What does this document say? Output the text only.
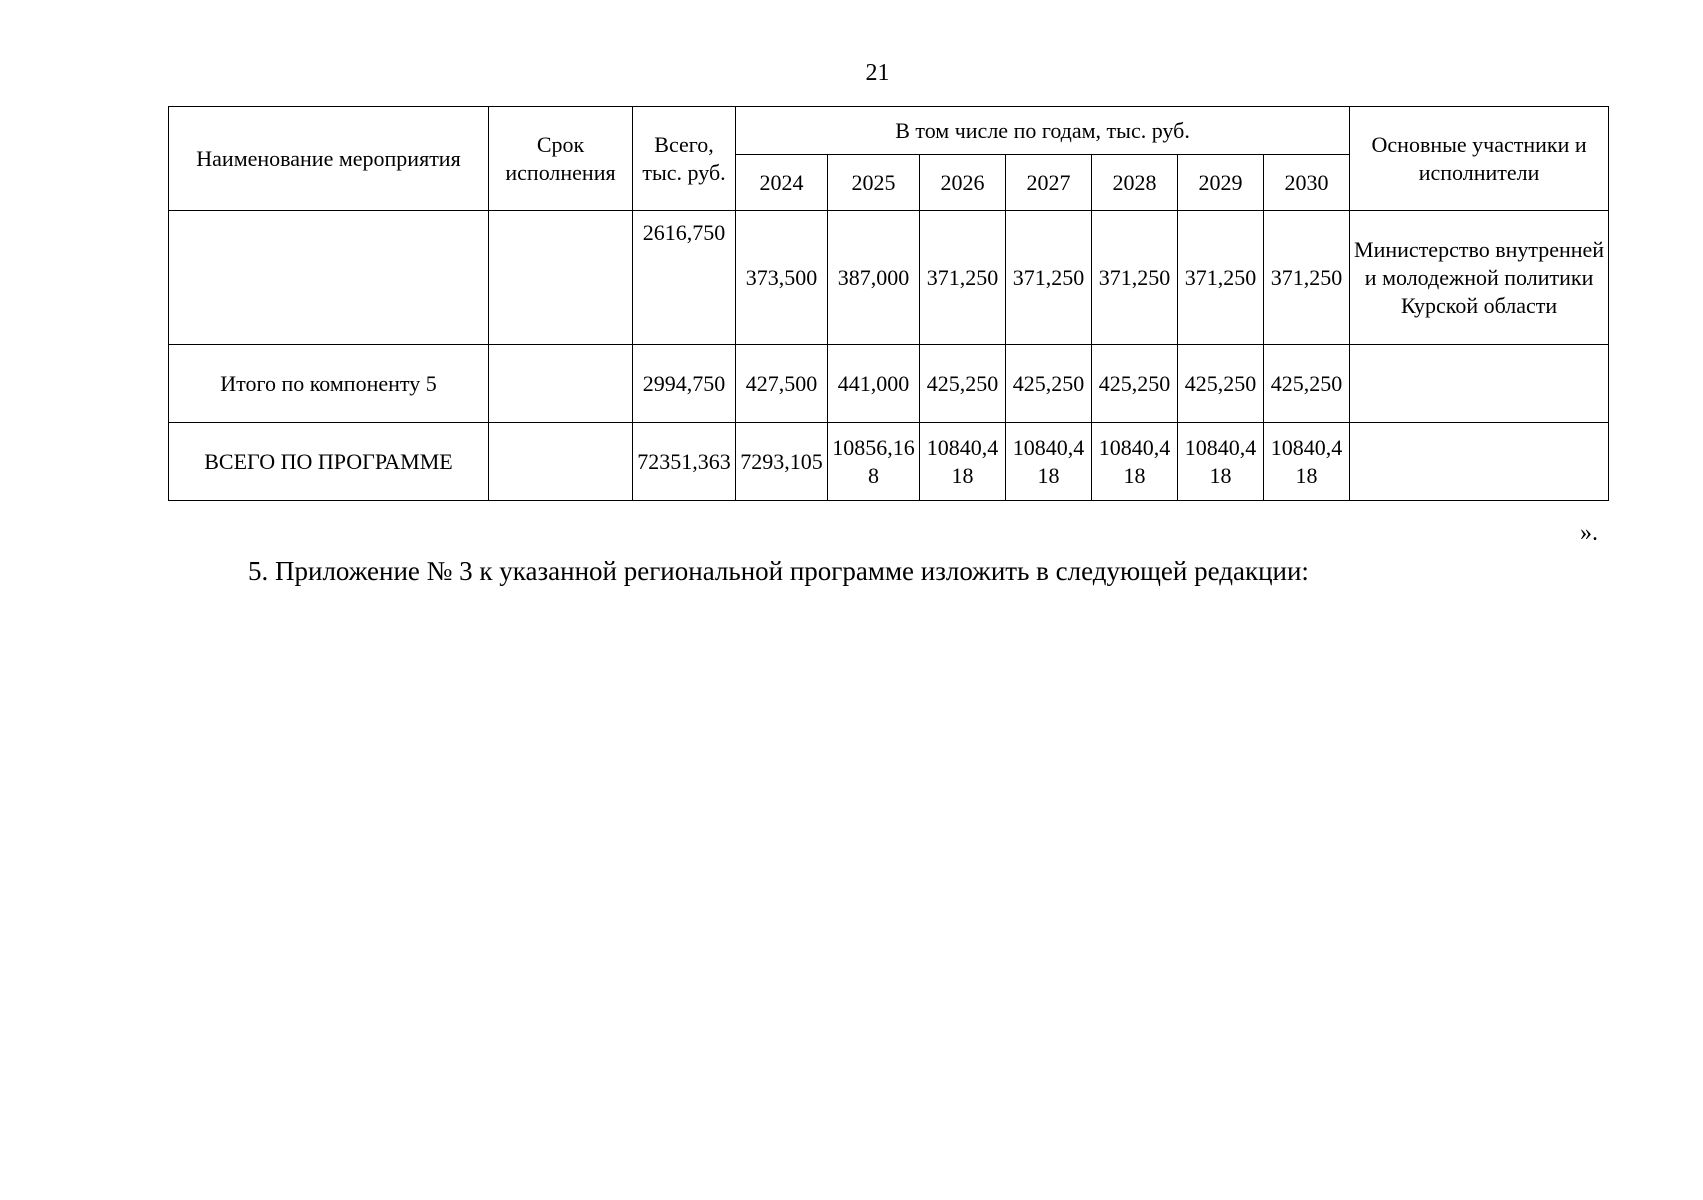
21
Наименование мероприятия	Срок исполнения	Всего, тыс. руб.	В том числе по годам, тыс. руб.							Основные участники и исполнители
			2024	2025	2026	2027	2028	2029	2030	
		2616,750	373,500	387,000	371,250	371,250	371,250	371,250	371,250	Министерство внутренней и молодежной политики Курской области
Итого по компоненту 5		2994,750	427,500	441,000	425,250	425,250	425,250	425,250	425,250	
ВСЕГО ПО ПРОГРАММЕ		72351,363	7293,105	10856,168	10840,418	10840,418	10840,418	10840,418	10840,418	
».
5. Приложение № 3 к указанной региональной программе изложить в следующей редакции:
